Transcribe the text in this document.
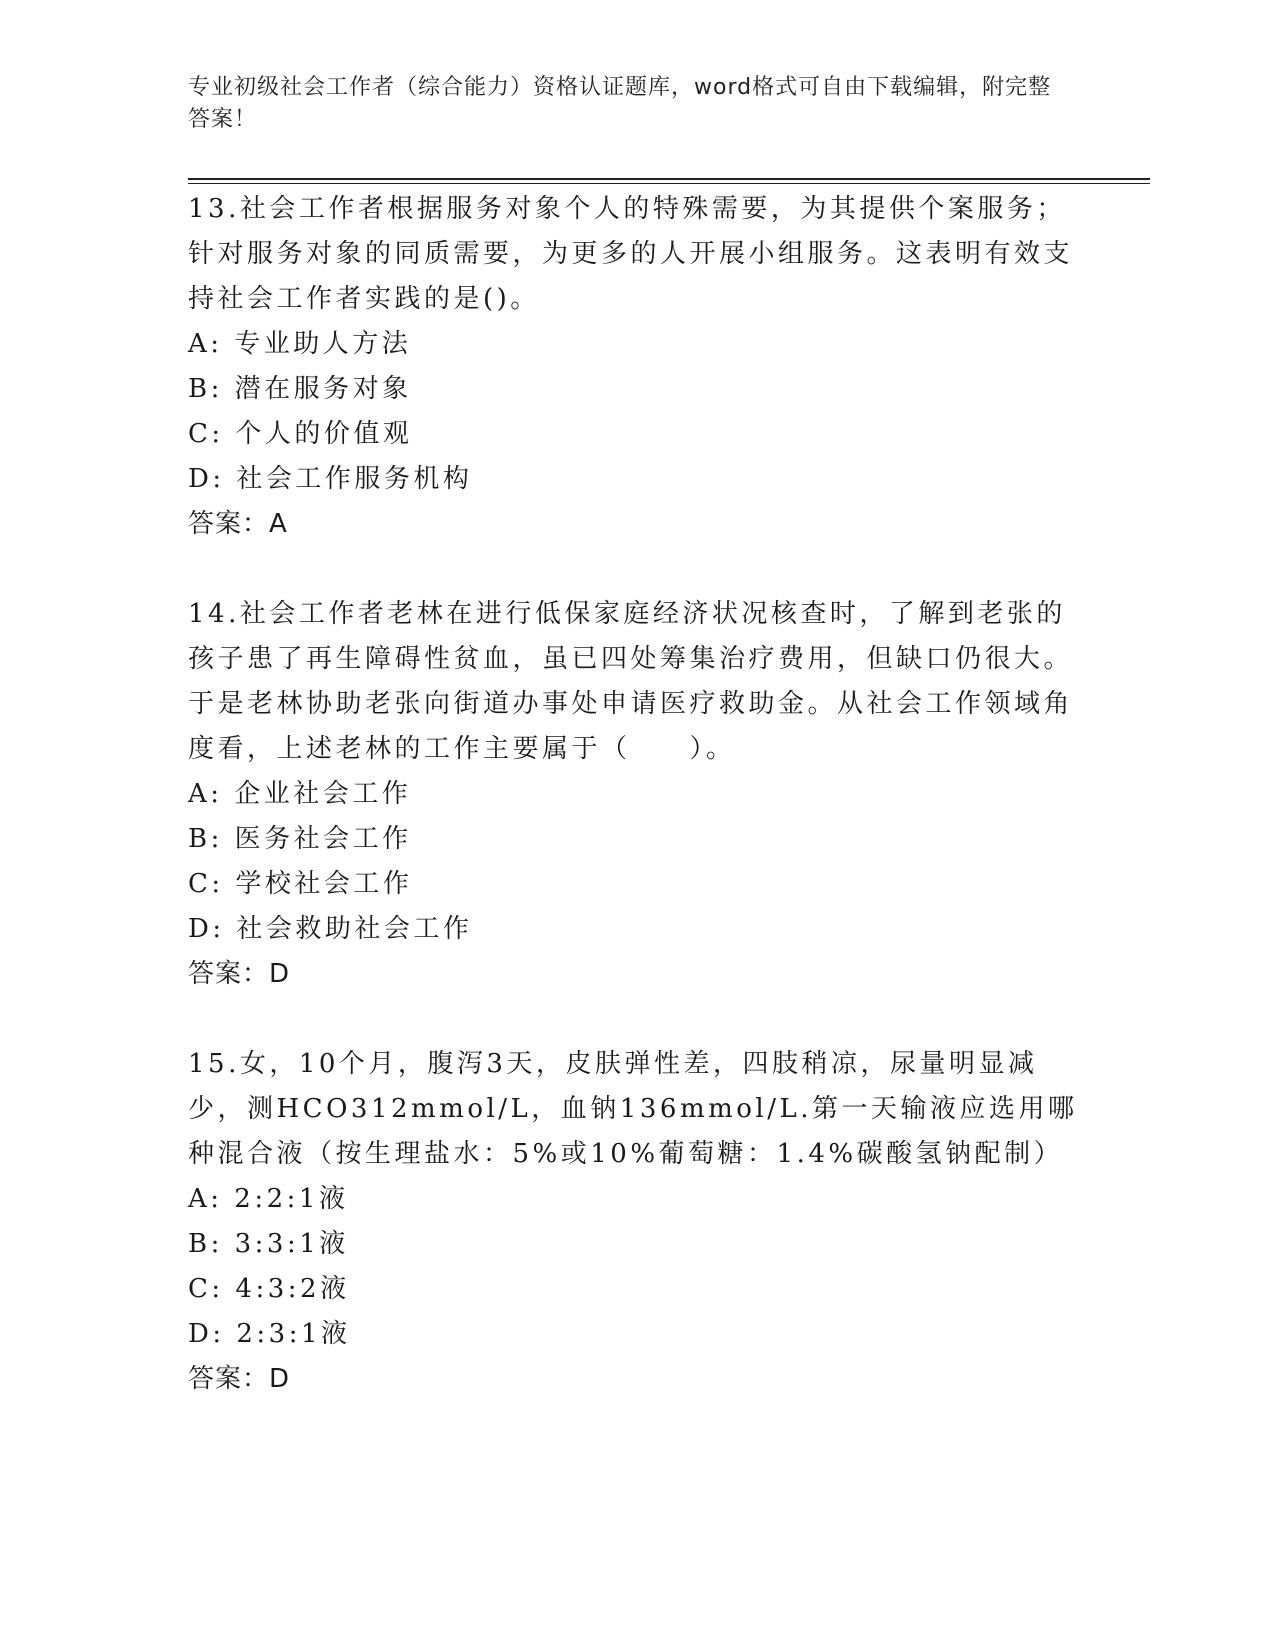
专业初级社会工作者（综合能力）资格认证题库，word格式可自由下载编辑，附完整答案！

13.社会工作者根据服务对象个人的特殊需要，为其提供个案服务；针对服务对象的同质需要，为更多的人开展小组服务。这表明有效支持社会工作者实践的是()。

A: 专业助人方法

B: 潜在服务对象

C: 个人的价值观

D: 社会工作服务机构

答案：A

14.社会工作者老林在进行低保家庭经济状况核查时，了解到老张的孩子患了再生障碍性贫血，虽已四处筹集治疗费用，但缺口仍很大。于是老林协助老张向街道办事处申请医疗救助金。从社会工作领域角度看，上述老林的工作主要属于（　　）。

A: 企业社会工作

B: 医务社会工作

C: 学校社会工作

D: 社会救助社会工作

答案：D

15.女，10个月，腹泻3天，皮肤弹性差，四肢稍凉，尿量明显减少，测HCO312mmol/L，血钠136mmol/L.第一天输液应选用哪种混合液（按生理盐水：5%或10%葡萄糖：1.4%碳酸氢钠配制）

A: 2:2:1液

B: 3:3:1液

C: 4:3:2液

D: 2:3:1液

答案：D
